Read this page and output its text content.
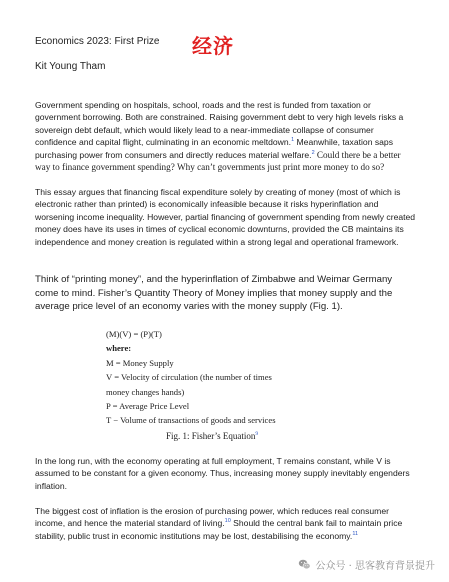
Economics 2023: First Prize 经济
Kit Young Tham
Government spending on hospitals, school, roads and the rest is funded from taxation or government borrowing. Both are constrained. Raising government debt to very high levels risks a sovereign debt default, which would likely lead to a near-immediate collapse of consumer confidence and capital flight, culminating in an economic meltdown.$^1$ Meanwhile, taxation saps purchasing power from consumers and directly reduces material welfare.$^2$ Could there be a better way to finance government spending? Why can’t governments just print more money to do so?
This essay argues that financing fiscal expenditure solely by creating of money (most of which is electronic rather than printed) is economically infeasible because it risks hyperinflation and worsening income inequality. However, partial financing of government spending from newly created money does have its uses in times of cyclical economic downturns, provided the CB maintains its independence and money creation is regulated within a strong legal and operational framework.
Think of “printing money”, and the hyperinflation of Zimbabwe and Weimar Germany come to mind. Fisher’s Quantity Theory of Money implies that money supply and the average price level of an economy varies with the money supply (Fig. 1).
(M)(V) = (P)(T)
where:
M = Money Supply
V = Velocity of circulation (the number of times
money changes hands)
P = Average Price Level
T − Volume of transactions of goods and services
Fig. 1: Fisher’s Equation$^9$
In the long run, with the economy operating at full employment, T remains constant, while V is assumed to be constant for a given economy. Thus, increasing money supply inevitably engenders inflation.
The biggest cost of inflation is the erosion of purchasing power, which reduces real consumer income, and hence the material standard of living.$^{10}$ Should the central bank fail to maintain price stability, public trust in economic institutions may be lost, destabilising the economy.$^{11}$
公众号 · 思客教育背景提升
